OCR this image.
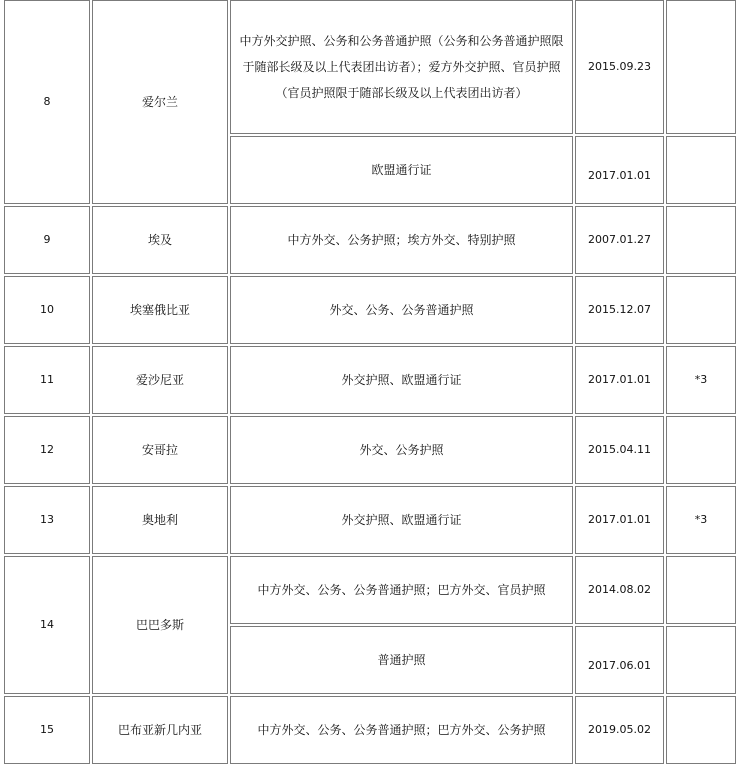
8	爱尔兰	中方外交护照、公务和公务普通护照（公务和公务普通护照限于随部长级及以上代表团出访者）；爱方外交护照、官员护照（官员护照限于随部长级及以上代表团出访者）	2015.09.23	
		欧盟通行证	2017.01.01	
9	埃及	中方外交、公务护照；埃方外交、特别护照	2007.01.27	
10	埃塞俄比亚	外交、公务、公务普通护照	2015.12.07	
11	爱沙尼亚	外交护照、欧盟通行证	2017.01.01	*3
12	安哥拉	外交、公务护照	2015.04.11	
13	奥地利	外交护照、欧盟通行证	2017.01.01	*3
14	巴巴多斯	中方外交、公务、公务普通护照；巴方外交、官员护照	2014.08.02	
		普通护照	2017.06.01	
15	巴布亚新几内亚	中方外交、公务、公务普通护照；巴方外交、公务护照	2019.05.02	
